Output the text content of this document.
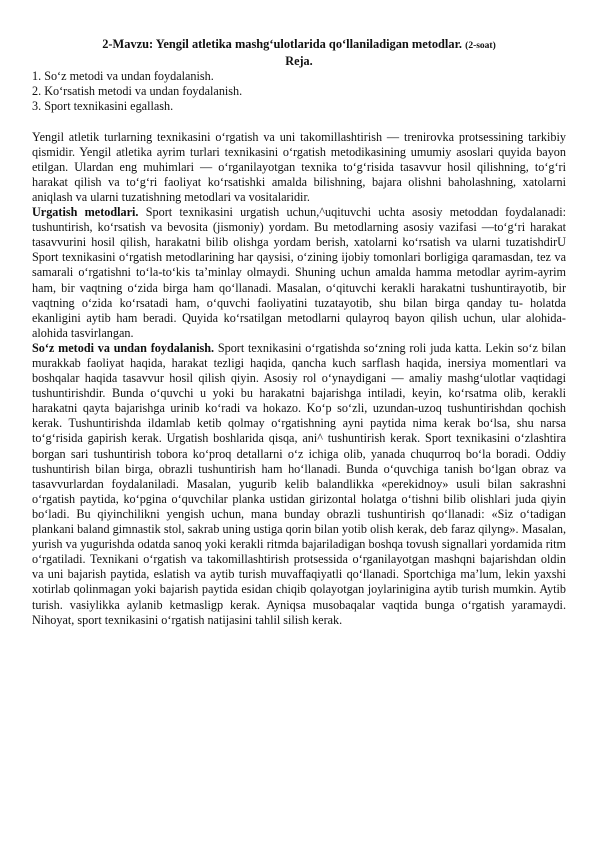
2-Mavzu: Yengil atletika mashg‘ulotlarida qo‘llaniladigan metodlar. (2-soat)
Reja.
1. So‘z metodi va undan foydalanish.
2. Ko‘rsatish metodi va undan foydalanish.
3. Sport texnikasini egallash.

Yengil atletik turlarning texnikasini o‘rgatish va uni takomillashtirish — trenirovka protsessining tarkibiy qismidir. Yengil atletika ayrim turlari texnikasini o‘rgatish metodikasining umumiy asoslari quyida bayon etilgan. Ulardan eng muhimlari — o‘rganilayotgan texnika to‘g‘risida tasavvur hosil qilishning, to‘g‘ri harakat qilish va to‘g‘ri faoliyat ko‘rsatishki amalda bilishning, bajara olishni baholashning, xatolarni aniqlash va ularni tuzatishning metodlari va vositalaridir.

Urgatish metodlari. Sport texnikasini urgatish uchun,^uqituvchi uchta asosiy metoddan foydalanadi: tushuntirish, ko‘rsatish va bevosita (jismoniy) yordam. Bu metodlarning asosiy vazifasi —to‘g‘ri harakat tasavvurini hosil qilish, harakatni bilib olishga yordam berish, xatolarni ko‘rsatish va ularni tuzatishdirU Sport texnikasini o‘rgatish metodlarining har qaysisi, o‘zining ijobiy tomonlari borligiga qaramasdan, tez va samarali o‘rgatishni to‘la-to‘kis ta’minlay olmaydi. Shuning uchun amalda hamma metodlar ayrim-ayrim ham, bir vaqtning o‘zida birga ham qo‘llanadi. Masalan, o‘qituvchi kerakli harakatni tushuntirayotib, bir vaqtning o‘zida ko‘rsatadi ham, o‘quvchi faoliyatini tuzatayotib, shu bilan birga qanday tu- holatda ekanligini aytib ham beradi. Quyida ko‘rsatilgan metodlarni qulayroq bayon qilish uchun, ular alohida-alohida tasvirlangan.

So‘z metodi va undan foydalanish. Sport texnikasini o‘rgatishda so‘zning roli juda katta. Lekin so‘z bilan murakkab faoliyat haqida, harakat tezligi haqida, qancha kuch sarflash haqida, inersiya momentlari va boshqalar haqida tasavvur hosil qilish qiyin. Asosiy rol o‘ynaydigani — amaliy mashg‘ulotlar vaqtidagi tushuntirishdir. Bunda o‘quvchi u yoki bu harakatni bajarishga intiladi, keyin, ko‘rsatma olib, kerakli harakatni qayta bajarishga urinib ko‘radi va hokazo. Ko‘p so‘zli, uzundan-uzoq tushuntirishdan qochish kerak. Tushuntirishda ildamlab ketib qolmay o‘rgatishning ayni paytida nima kerak bo‘lsa, shu narsa to‘g‘risida gapirish kerak. Urgatish boshlarida qisqa, ani^ tushuntirish kerak. Sport texnikasini o‘zlashtira borgan sari tushuntirish tobora ko‘proq detallarni o‘z ichiga olib, yanada chuqurroq bo‘la boradi. Oddiy tushuntirish bilan birga, obrazli tushuntirish ham ho‘llanadi. Bunda o‘quvchiga tanish bo‘lgan obraz va tasavvurlardan foydalaniladi. Masalan, yugurib kelib balandlikka «perekidnoy» usuli bilan sakrashni o‘rgatish paytida, ko‘pgina o‘quvchilar planka ustidan girizontal holatga o‘tishni bilib olishlari juda qiyin bo‘ladi. Bu qiyinchilikni yengish uchun, mana bunday obrazli tushuntirish qo‘llanadi: «Siz o‘tadigan plankani baland gimnastik stol, sakrab uning ustiga qorin bilan yotib olish kerak, deb faraz qilyng». Masalan, yurish va yugurishda odatda sanoq yoki kerakli ritmda bajariladigan boshqa tovush signallari yordamida ritm o‘rgatiladi. Texnikani o‘rgatish va takomillashtirish protsessida o‘rganilayotgan mashqni bajarishdan oldin va uni bajarish paytida, eslatish va aytib turish muvaffaqiyatli qo‘llanadi. Sportchiga ma’lum, lekin yaxshi xotirlab qolinmagan yoki bajarish paytida esidan chiqib qolayotgan joylarinigina aytib turish mumkin. Aytib turish. vasiylikka aylanib ketmasligp kerak. Ayniqsa musobaqalar vaqtida bunga o‘rgatish yaramaydi. Nihoyat, sport texnikasini o‘rgatish natijasini tahlil silish kerak.
